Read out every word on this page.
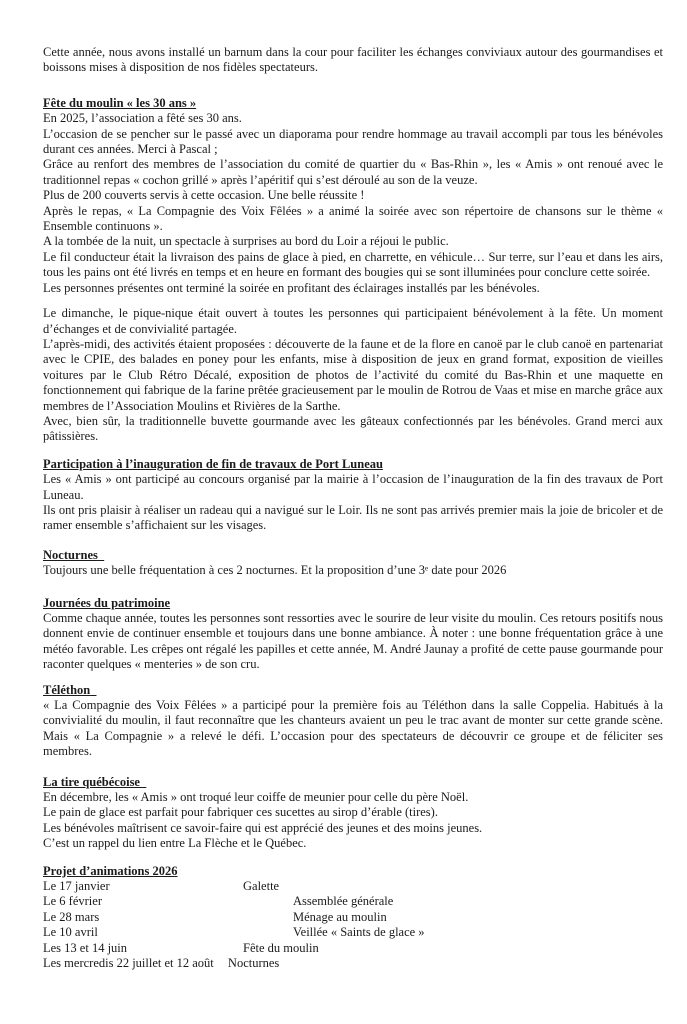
Cette année, nous avons installé un barnum dans la cour pour faciliter les échanges conviviaux autour des gourmandises et boissons mises à disposition de nos fidèles spectateurs.

Fête du moulin « les 30 ans »

En 2025, l’association a fêté ses 30 ans.

L’occasion de se pencher sur le passé avec un diaporama pour rendre hommage au travail accompli par tous les bénévoles durant ces années. Merci à Pascal ;

Grâce au renfort des membres de l’association du comité de quartier du « Bas-Rhin », les « Amis » ont renoué avec le traditionnel repas « cochon grillé » après l’apéritif qui s’est déroulé au son de la veuze.

Plus de 200 couverts servis à cette occasion. Une belle réussite !

Après le repas, « La Compagnie des Voix Fêlées » a animé la soirée avec son répertoire de chansons sur le thème « Ensemble continuons ».

A la tombée de la nuit, un spectacle à surprises au bord du Loir a réjoui le public.

Le fil conducteur était la livraison des pains de glace à pied, en charrette, en véhicule… Sur terre, sur l’eau et dans les airs, tous les pains ont été livrés en temps et en heure en formant des bougies qui se sont illuminées pour conclure cette soirée.

Les personnes présentes ont terminé la soirée en profitant des éclairages installés par les bénévoles.

Le dimanche, le pique-nique était ouvert à toutes les personnes qui participaient bénévolement à la fête. Un moment d’échanges et de convivialité partagée.

L’après-midi, des activités étaient proposées : découverte de la faune et de la flore en canoë par le club canoë en partenariat avec le CPIE, des balades en poney pour les enfants, mise à disposition de jeux en grand format, exposition de vieilles voitures par le Club Rétro Décalé, exposition de photos de l’activité du comité du Bas-Rhin et une maquette en fonctionnement qui fabrique de la farine prêtée gracieusement par le moulin de Rotrou de Vaas et mise en marche grâce aux membres de l’Association Moulins et Rivières de la Sarthe.

Avec, bien sûr, la traditionnelle buvette gourmande avec les gâteaux confectionnés par les bénévoles. Grand merci aux pâtissières.

Participation à l’inauguration de fin de travaux de Port Luneau

Les « Amis » ont participé au concours organisé par la mairie à l’occasion de l’inauguration de la fin des travaux de Port Luneau.

Ils ont pris plaisir à réaliser un radeau qui a navigué sur le Loir. Ils ne sont pas arrivés premier mais la joie de bricoler et de ramer ensemble s’affichaient sur les visages.

Nocturnes

Toujours une belle fréquentation à ces 2 nocturnes. Et la proposition d’une 3ᵉ date pour 2026

Journées du patrimoine

Comme chaque année, toutes les personnes sont ressorties avec le sourire de leur visite du moulin. Ces retours positifs nous donnent envie de continuer ensemble et toujours dans une bonne ambiance. À noter : une bonne fréquentation grâce à une météo favorable. Les crêpes ont régalé les papilles et cette année, M. André Jaunay a profité de cette pause gourmande pour raconter quelques « menteries » de son cru.

Téléthon

« La Compagnie des Voix Fêlées » a participé pour la première fois au Téléthon dans la salle Coppelia. Habitués à la convivialité du moulin, il faut reconnaître que les chanteurs avaient un peu le trac avant de monter sur cette grande scène. Mais « La Compagnie » a relevé le défi. L’occasion pour des spectateurs de découvrir ce groupe et de féliciter ses membres.

La tire québécoise

En décembre, les « Amis » ont troqué leur coiffe de meunier pour celle du père Noël.

Le pain de glace est parfait pour fabriquer ces sucettes au sirop d’érable (tires).

Les bénévoles maîtrisent ce savoir-faire qui est apprécié des jeunes et des moins jeunes.

C’est un rappel du lien entre La Flèche et le Québec.

Projet d’animations 2026
Le 17 janvier	Galette
Le 6 février	Assemblée générale
Le 28 mars	Ménage au moulin
Le 10 avril	Veillée « Saints de glace »
Les 13 et 14 juin	Fête du moulin
Les mercredis 22 juillet et 12 août Nocturnes
